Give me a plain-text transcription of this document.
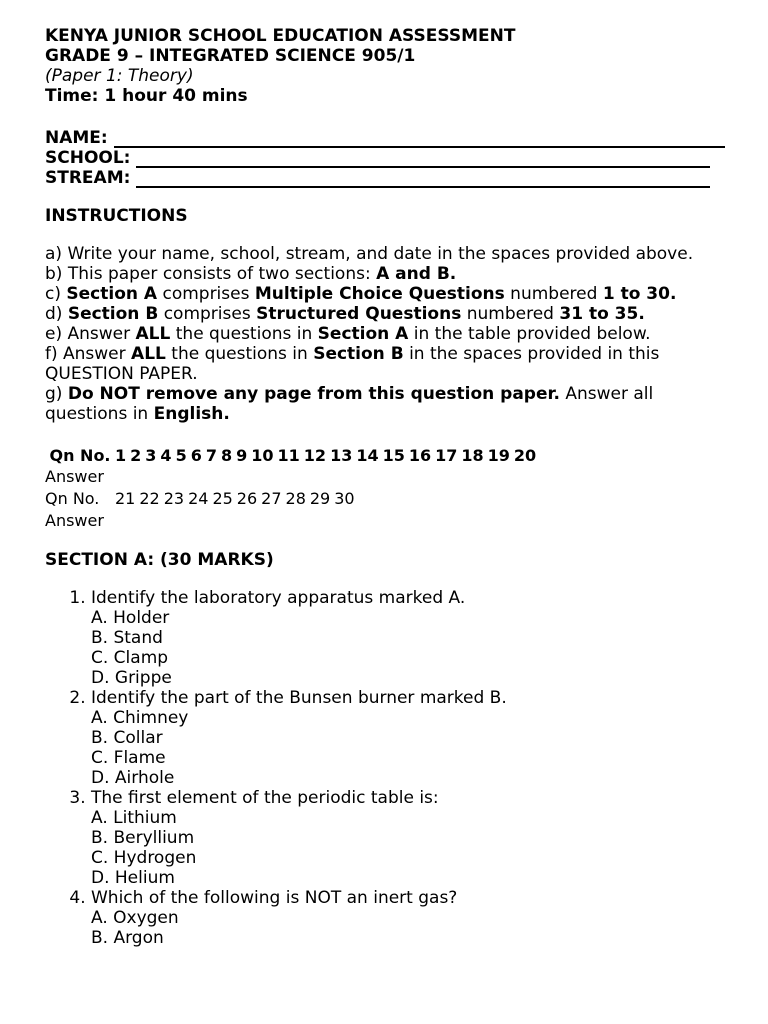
KENYA JUNIOR SCHOOL EDUCATION ASSESSMENT
GRADE 9 – INTEGRATED SCIENCE 905/1
(Paper 1: Theory)
Time: 1 hour 40 mins
NAME:
SCHOOL:
STREAM:
INSTRUCTIONS

a) Write your name, school, stream, and date in the spaces provided above.

b) This paper consists of two sections: A and B.

c) Section A comprises Multiple Choice Questions numbered 1 to 30.

d) Section B comprises Structured Questions numbered 31 to 35.

e) Answer ALL the questions in Section A in the table provided below.

f) Answer ALL the questions in Section B in the spaces provided in this QUESTION PAPER.

g) Do NOT remove any page from this question paper. Answer all questions in English.

Qn No.	1 2 3 4 5 6 7 8 9 10 11 12 13 14 15 16 17 18 19 20
Answer	
Qn No.	21 22 23 24 25 26 27 28 29 30
Answer	
SECTION A: (30 MARKS)
1. Identify the laboratory apparatus marked A.
A. Holder
B. Stand
C. Clamp
D. Grippe
2. Identify the part of the Bunsen burner marked B.
A. Chimney
B. Collar
C. Flame
D. Airhole
3. The first element of the periodic table is:
A. Lithium
B. Beryllium
C. Hydrogen
D. Helium
4. Which of the following is NOT an inert gas?
A. Oxygen
B. Argon
